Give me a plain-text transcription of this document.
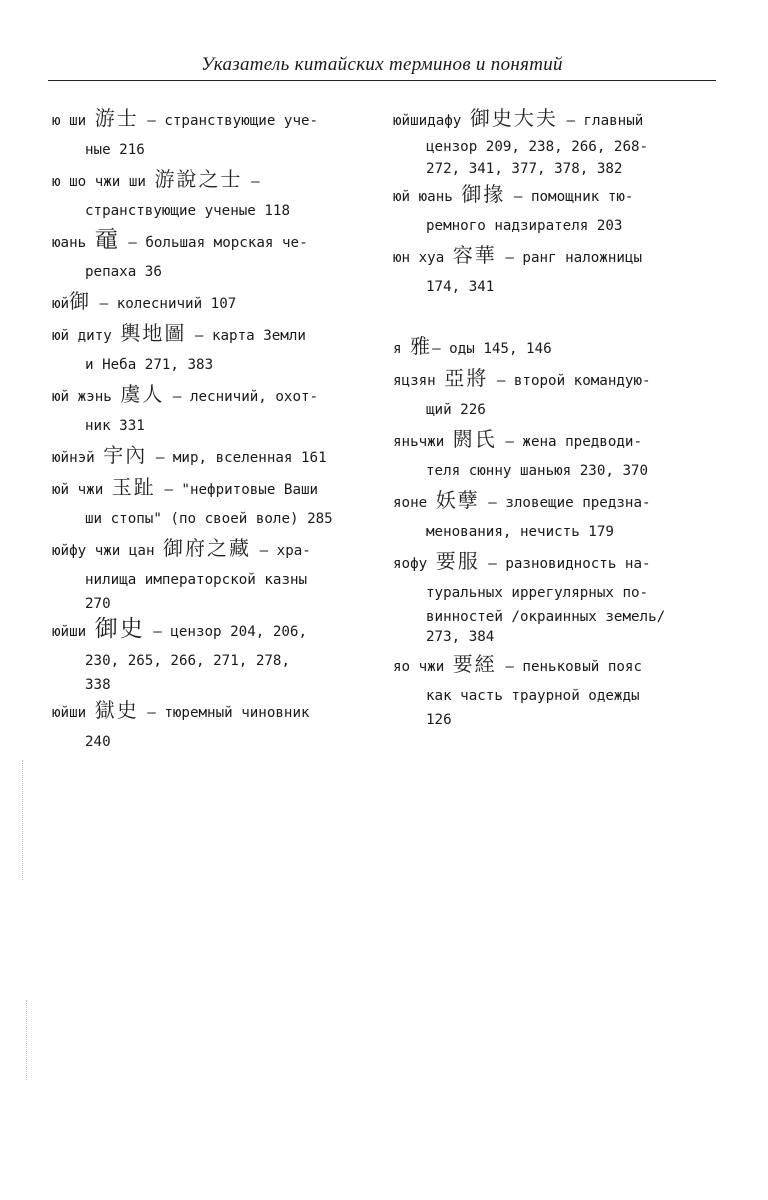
Указатель китайских терминов и понятий
ю ши 游士 — странствующие уче-
ные 216
ю шо чжи ши 游說之士 —
странствующие ученые 118
юань 黿 — большая морская че-
репаха 36
юй御 — колесничий 107
юй диту 輿地圖 — карта Земли
и Неба 271, 383
юй жэнь 虞人 — лесничий, охот-
ник 331
юйнэй 宇內 — мир, вселенная 161
юй чжи 玉趾 — "нефритовые Ваши
ши стопы" (по своей воле) 285
юйфу чжи цан 御府之藏 — хра-
нилища императорской казны
270
юйши 御史 — цензор 204, 206,
230, 265, 266, 271, 278,
338
юйши 獄史 — тюремный чиновник
240
юйшидафу 御史大夫 — главный
цензор 209, 238, 266, 268-
272, 341, 377, 378, 382
юй юань 御掾 — помощник тю-
ремного надзирателя 203
юн хуа 容華 — ранг наложницы
174, 341
я 雅— оды 145, 146
яцзян 亞將 — второй командую-
щий 226
яньчжи 閼氏 — жена предводи-
теля сюнну шаньюя 230, 370
яоне 妖孽 — зловещие предзна-
менования, нечисть 179
яофу 要服 — разновидность на-
туральных иррегулярных по-
винностей /окраинных земель/
273, 384
яо чжи 要絰 — пеньковый пояс
как часть траурной одежды
126
